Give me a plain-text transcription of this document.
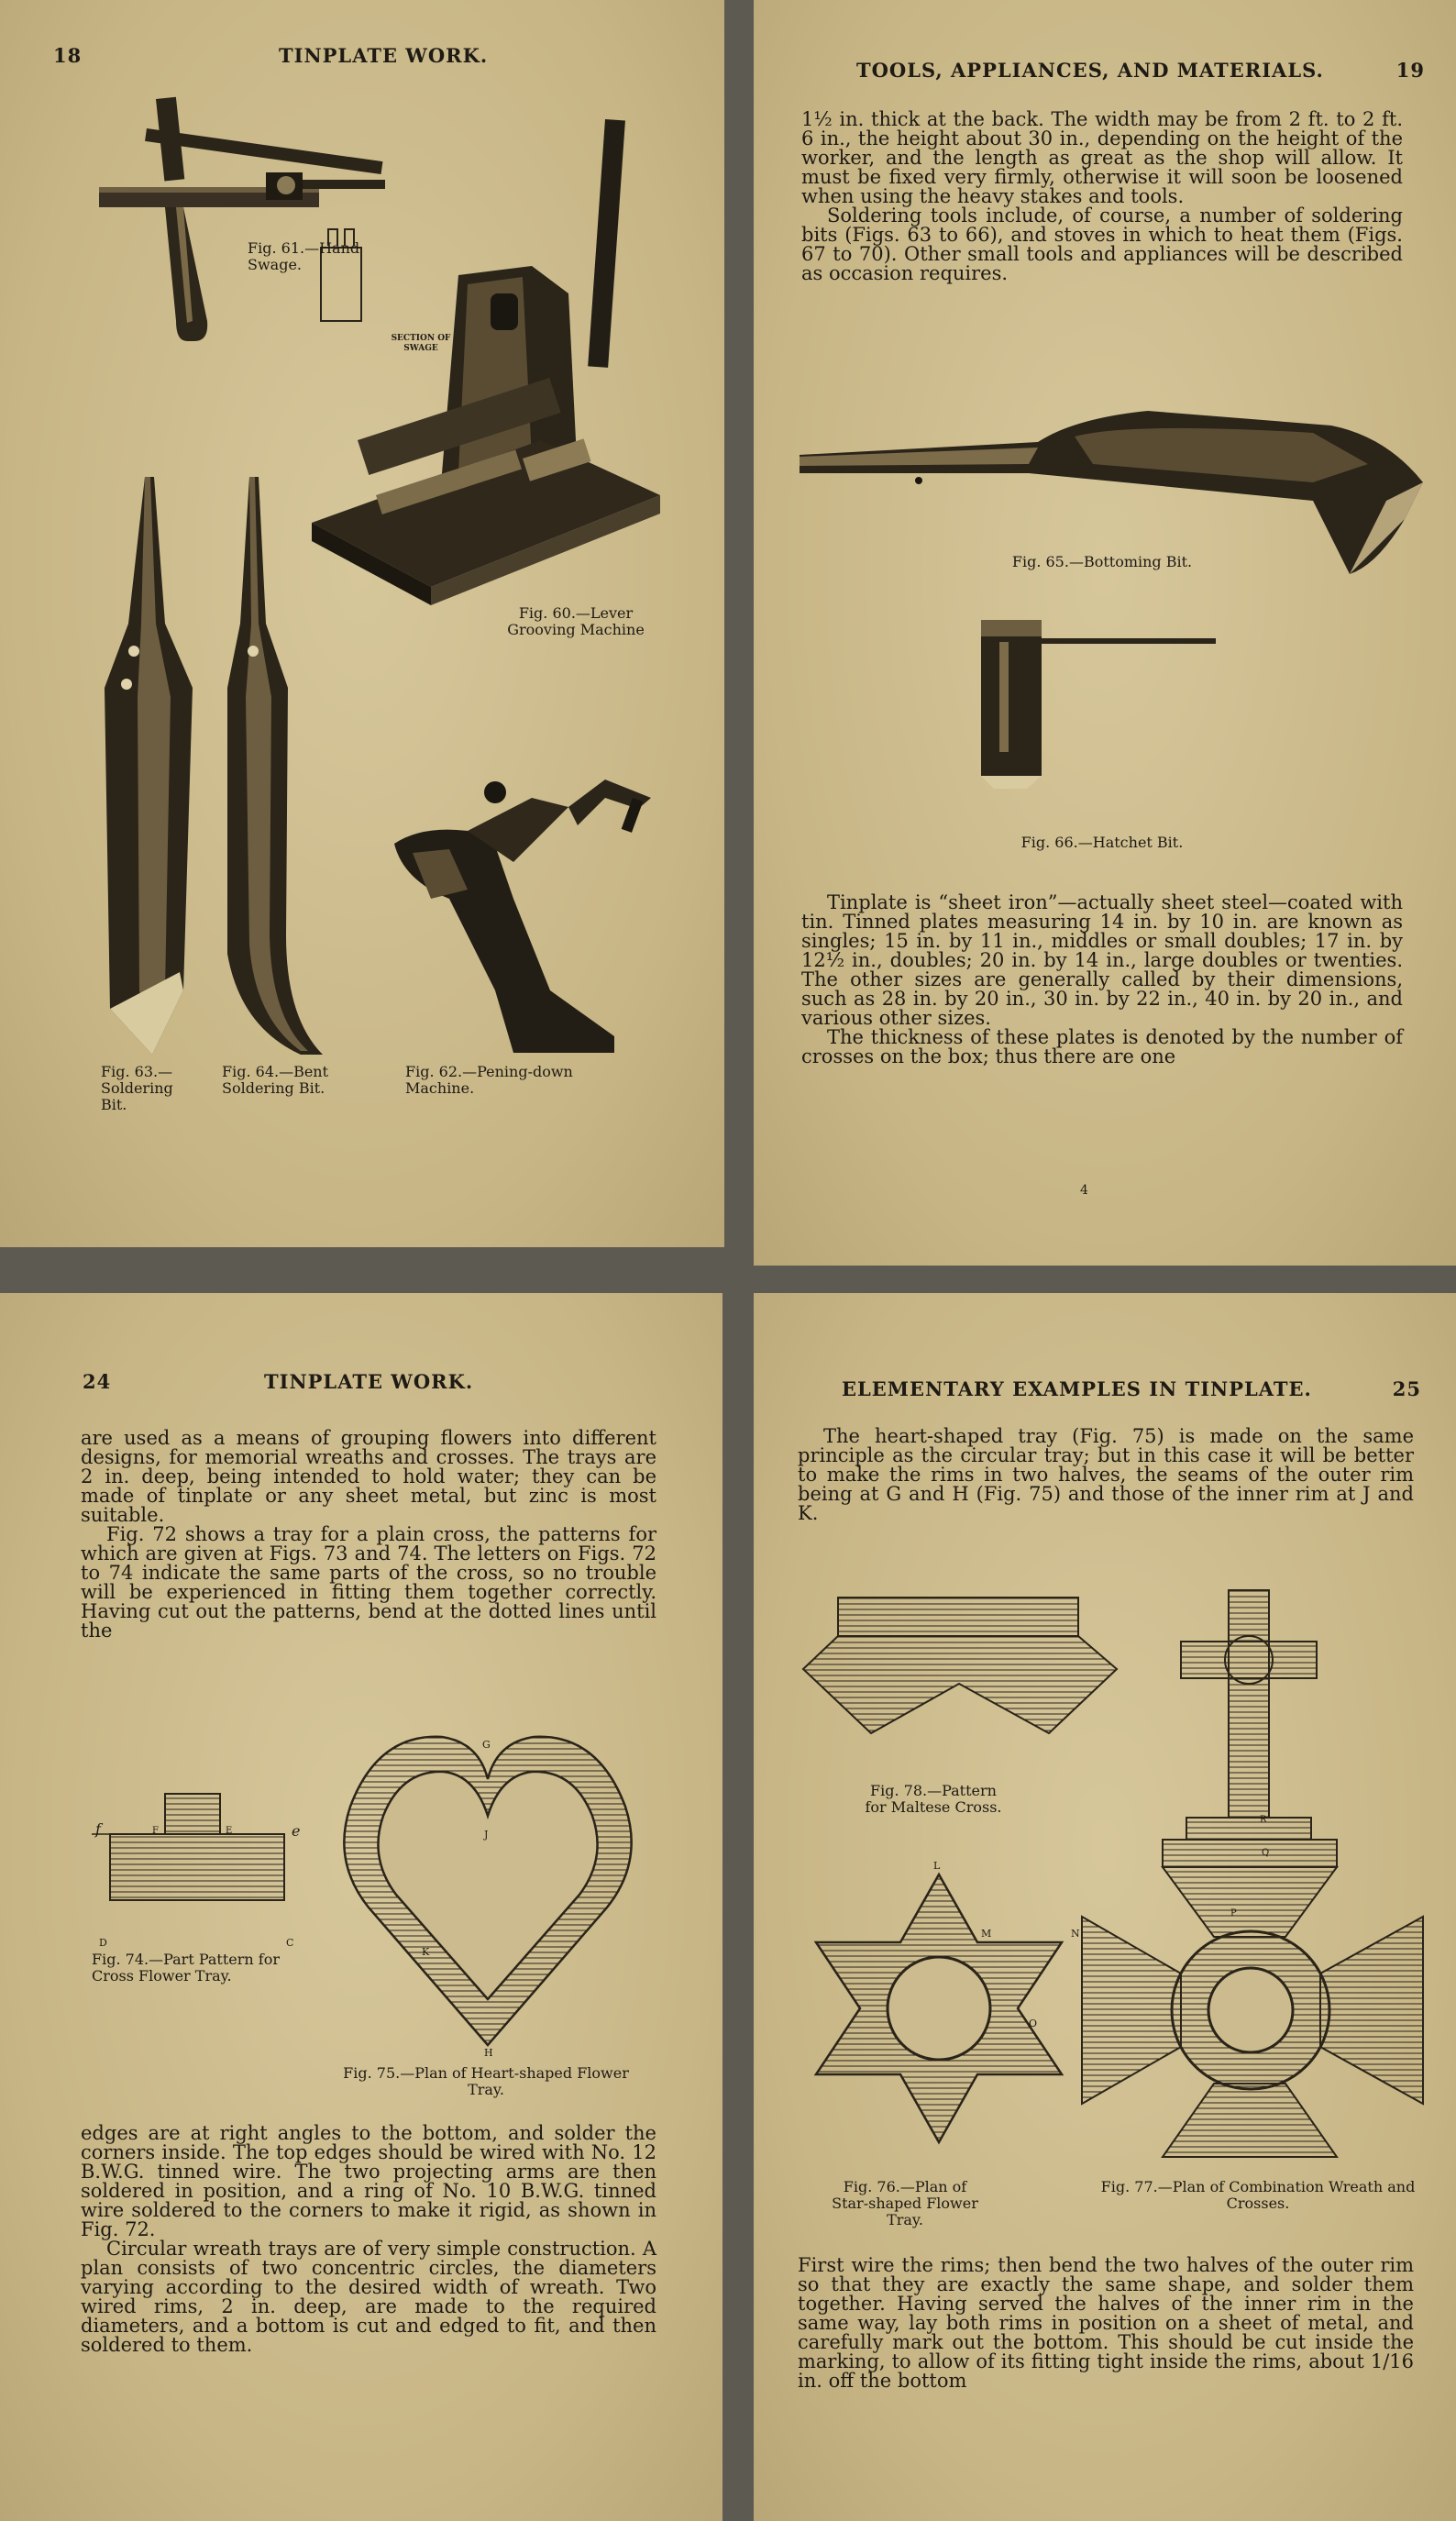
18	TINPLATE WORK.
Fig. 61.—Hand Swage.
SECTION OF SWAGE
Fig. 60.—Lever Grooving Machine
Fig. 63.— Soldering Bit.
Fig. 64.—Bent Soldering Bit.
Fig. 62.—Pening-down Machine.
TOOLS, APPLIANCES, AND MATERIALS.	19

1½ in. thick at the back. The width may be from 2 ft. to 2 ft. 6 in., the height about 30 in., depending on the height of the worker, and the length as great as the shop will allow. It must be fixed very firmly, otherwise it will soon be loosened when using the heavy stakes and tools.

Soldering tools include, of course, a number of soldering bits (Figs. 63 to 66), and stoves in which to heat them (Figs. 67 to 70). Other small tools and appliances will be described as occasion requires.

Fig. 65.—Bottoming Bit.
Fig. 66.—Hatchet Bit.

Tinplate is “sheet iron”—actually sheet steel—coated with tin. Tinned plates measuring 14 in. by 10 in. are known as singles; 15 in. by 11 in., middles or small doubles; 17 in. by 12½ in., doubles; 20 in. by 14 in., large doubles or twenties. The other sizes are generally called by their dimensions, such as 28 in. by 20 in., 30 in. by 22 in., 40 in. by 20 in., and various other sizes.

The thickness of these plates is denoted by the number of crosses on the box; thus there are one

4
24	TINPLATE WORK.

are used as a means of grouping flowers into different designs, for memorial wreaths and crosses. The trays are 2 in. deep, being intended to hold water; they can be made of tinplate or any sheet metal, but zinc is most suitable.

Fig. 72 shows a tray for a plain cross, the patterns for which are given at Figs. 73 and 74. The letters on Figs. 72 to 74 indicate the same parts of the cross, so no trouble will be experienced in fitting them together correctly. Having cut out the patterns, bend at the dotted lines until the

f	F	E	e
D	C
Fig. 74.—Part Pattern for Cross Flower Tray.
G
J
K
H
Fig. 75.—Plan of Heart-shaped Flower Tray.

edges are at right angles to the bottom, and solder the corners inside. The top edges should be wired with No. 12 B.W.G. tinned wire. The two projecting arms are then soldered in position, and a ring of No. 10 B.W.G. tinned wire soldered to the corners to make it rigid, as shown in Fig. 72.

Circular wreath trays are of very simple construction. A plan consists of two concentric circles, the diameters varying according to the desired width of wreath. Two wired rims, 2 in. deep, are made to the required diameters, and a bottom is cut and edged to fit, and then soldered to them.

ELEMENTARY EXAMPLES IN TINPLATE.	25

The heart-shaped tray (Fig. 75) is made on the same principle as the circular tray; but in this case it will be better to make the rims in two halves, the seams of the outer rim being at G and H (Fig. 75) and those of the inner rim at J and K.

Fig. 78.—Pattern for Maltese Cross.
L
M
O
Fig. 76.—Plan of Star-shaped Flower Tray.
N
R
Q
P
Fig. 77.—Plan of Combination Wreath and Crosses.

First wire the rims; then bend the two halves of the outer rim so that they are exactly the same shape, and solder them together. Having served the halves of the inner rim in the same way, lay both rims in position on a sheet of metal, and carefully mark out the bottom. This should be cut inside the marking, to allow of its fitting tight inside the rims, about 1/16 in. off the bottom
